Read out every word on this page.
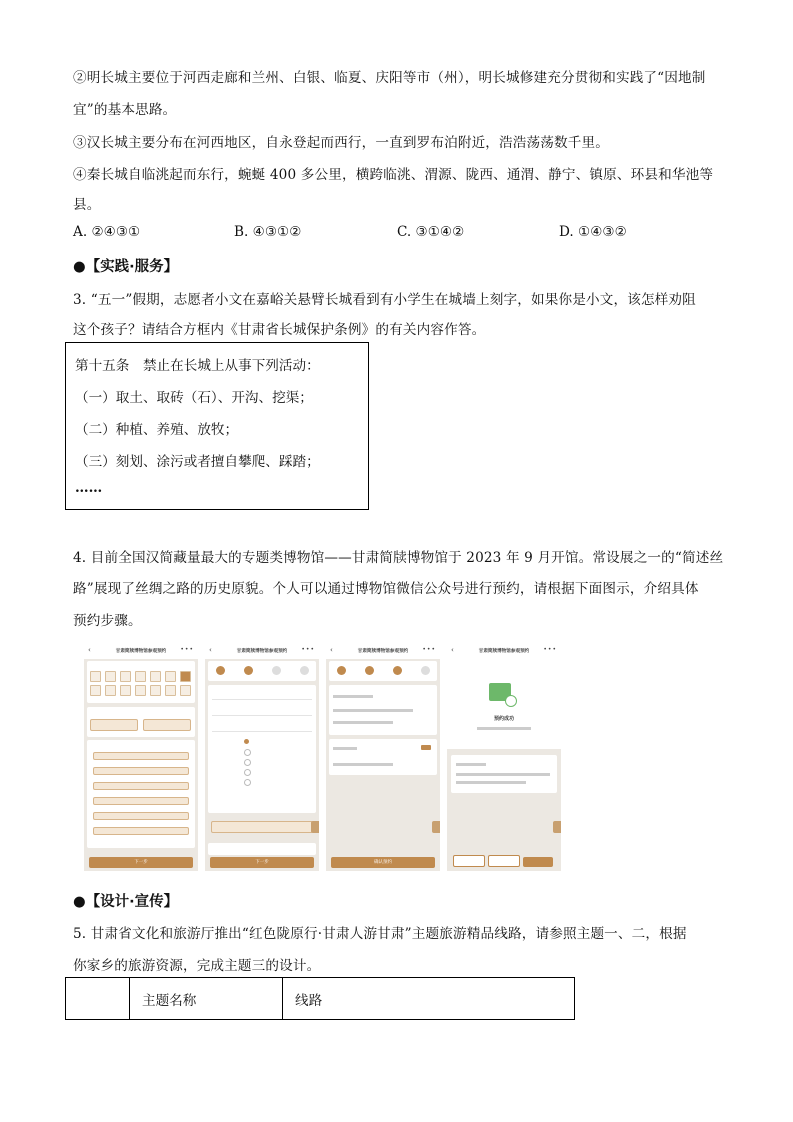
②明长城主要位于河西走廊和兰州、白银、临夏、庆阳等市（州），明长城修建充分贯彻和实践了“因地制
宜”的基本思路。
③汉长城主要分布在河西地区，自永登起而西行，一直到罗布泊附近，浩浩荡荡数千里。
④秦长城自临洮起而东行，蜿蜒 400 多公里，横跨临洮、渭源、陇西、通渭、静宁、镇原、环县和华池等
县。
A. ②④③①	B. ④③①②	C. ③①④②	D. ①④③②
●【实践·服务】
3. “五一”假期，志愿者小文在嘉峪关悬臂长城看到有小学生在城墙上刻字，如果你是小文，该怎样劝阻
这个孩子？请结合方框内《甘肃省长城保护条例》的有关内容作答。
第十五条　禁止在长城上从事下列活动：
（一）取土、取砖（石）、开沟、挖渠；
（二）种植、养殖、放牧；
（三）刻划、涂污或者擅自攀爬、踩踏；
……
4. 目前全国汉简藏量最大的专题类博物馆——甘肃简牍博物馆于 2023 年 9 月开馆。常设展之一的“简述丝
路”展现了丝绸之路的历史原貌。个人可以通过博物馆微信公众号进行预约，请根据下面图示，介绍具体
预约步骤。
‹	甘肃简牍博物馆参观预约	•••
下一步
‹	甘肃简牍博物馆参观预约	•••
下一步
‹	甘肃简牍博物馆参观预约	•••
确认预约
‹	甘肃简牍博物馆参观预约	•••
预约成功
●【设计·宣传】
5. 甘肃省文化和旅游厅推出“红色陇原行·甘肃人游甘肃”主题旅游精品线路，请参照主题一、二，根据
你家乡的旅游资源，完成主题三的设计。
	主题名称	线路
